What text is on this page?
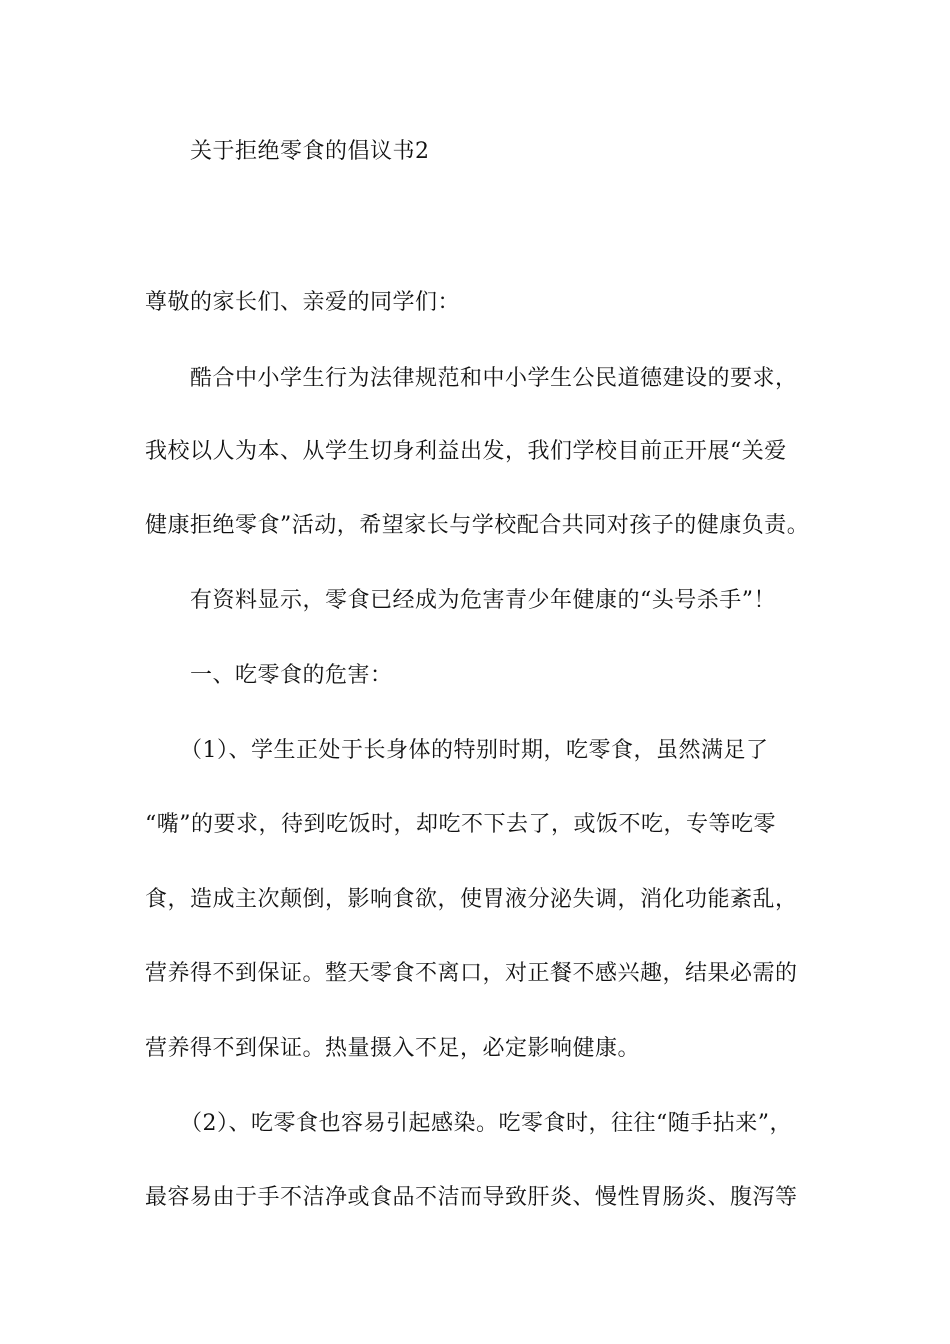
关于拒绝零食的倡议书2
尊敬的家长们、亲爱的同学们：
酷合中小学生行为法律规范和中小学生公民道德建设的要求，
我校以人为本、从学生切身利益出发，我们学校目前正开展“关爱
健康拒绝零食”活动，希望家长与学校配合共同对孩子的健康负责。
有资料显示，零食已经成为危害青少年健康的“头号杀手”！
一、吃零食的危害：
（1）、学生正处于长身体的特别时期，吃零食，虽然满足了
“嘴”的要求，待到吃饭时，却吃不下去了，或饭不吃，专等吃零
食，造成主次颠倒，影响食欲，使胃液分泌失调，消化功能紊乱，
营养得不到保证。整天零食不离口，对正餐不感兴趣，结果必需的
营养得不到保证。热量摄入不足，必定影响健康。
（2）、吃零食也容易引起感染。吃零食时，往往“随手拈来”，
最容易由于手不洁净或食品不洁而导致肝炎、慢性胃肠炎、腹泻等
